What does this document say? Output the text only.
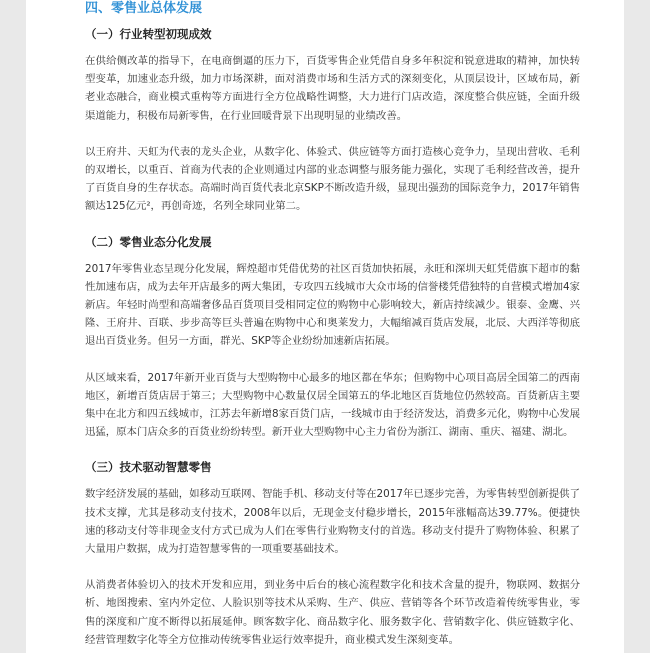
四、零售业总体发展
（一）行业转型初现成效

在供给侧改革的指导下，在电商倒逼的压力下，百货零售企业凭借自身多年积淀和锐意进取的精神，加快转型变革，加速业态升级，加力市场深耕，面对消费市场和生活方式的深刻变化，从顶层设计，区域布局，新老业态融合，商业模式重构等方面进行全方位战略性调整，大力进行门店改造，深度整合供应链，全面升级渠道能力，积极布局新零售，在行业回暖背景下出现明显的业绩改善。

以王府井、天虹为代表的龙头企业，从数字化、体验式、供应链等方面打造核心竞争力，呈现出营收、毛利的双增长，以重百、首商为代表的企业则通过内部的业态调整与服务能力强化，实现了毛利经营改善，提升了百货自身的生存状态。高端时尚百货代表北京SKP不断改造升级，显现出强劲的国际竞争力，2017年销售额达125亿元²，再创奇迹，名列全球同业第二。

（二）零售业态分化发展

2017年零售业态呈现分化发展，辉煌超市凭借优势的社区百货加快拓展，永旺和深圳天虹凭借旗下超市的黏性加速布店，成为去年开店最多的两大集团，专攻四五线城市大众市场的信誉楼凭借独特的自营模式增加4家新店。年轻时尚型和高端奢侈品百货项目受相同定位的购物中心影响较大，新店持续减少。银泰、金鹰、兴隆、王府井、百联、步步高等巨头普遍在购物中心和奥莱发力，大幅缩减百货店发展，北辰、大西洋等彻底退出百货业务。但另一方面，群光、SKP等企业纷纷加速新店拓展。

从区域来看，2017年新开业百货与大型购物中心最多的地区都在华东；但购物中心项目高居全国第二的西南地区，新增百货店居于第三；大型购物中心数量仅居全国第五的华北地区百货地位仍然较高。百货新店主要集中在北方和四五线城市，江苏去年新增8家百货门店，一线城市由于经济发达，消费多元化，购物中心发展迅猛，原本门店众多的百货业纷纷转型。新开业大型购物中心主力省份为浙江、湖南、重庆、福建、湖北。

（三）技术驱动智慧零售

数字经济发展的基础，如移动互联网、智能手机、移动支付等在2017年已逐步完善，为零售转型创新提供了技术支撑，尤其是移动支付技术，2008年以后，无现金支付稳步增长，2015年涨幅高达39.77%。便捷快速的移动支付等非现金支付方式已成为人们在零售行业购物支付的首选。移动支付提升了购物体验、积累了大量用户数据，成为打造智慧零售的一项重要基础技术。

从消费者体验切入的技术开发和应用，到业务中后台的核心流程数字化和技术含量的提升，物联网、数据分析、地图搜索、室内外定位、人脸识别等技术从采购、生产、供应、营销等各个环节改造着传统零售业，零售的深度和广度不断得以拓展延伸。顾客数字化、商品数字化、服务数字化、营销数字化、供应链数字化、经营管理数字化等全方位推动传统零售业运行效率提升，商业模式发生深刻变革。
